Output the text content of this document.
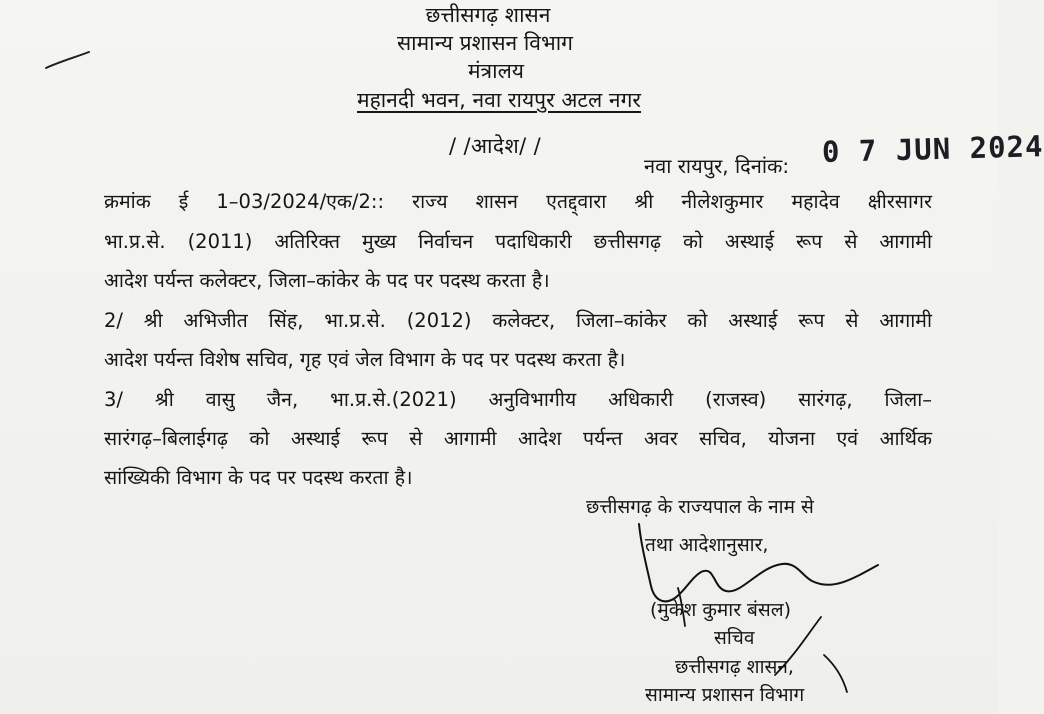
छत्तीसगढ़ शासन
सामान्य प्रशासन विभाग
मंत्रालय
महानदी भवन, नवा रायपुर अटल नगर
/ /आदेश/ /
नवा रायपुर, दिनांक: 0 7 JUN 2024
क्रमांक ई 1–03/2024/एक/2:: राज्य शासन एतद्द्वारा श्री नीलेशकुमार महादेव क्षीरसागर
भा.प्र.से. (2011) अतिरिक्त मुख्य निर्वाचन पदाधिकारी छत्तीसगढ़ को अस्थाई रूप से आगामी
आदेश पर्यन्त कलेक्टर, जिला–कांकेर के पद पर पदस्थ करता है।
2/ श्री अभिजीत सिंह, भा.प्र.से. (2012) कलेक्टर, जिला–कांकेर को अस्थाई रूप से आगामी
आदेश पर्यन्त विशेष सचिव, गृह एवं जेल विभाग के पद पर पदस्थ करता है।
3/ श्री वासु जैन, भा.प्र.से.(2021) अनुविभागीय अधिकारी (राजस्व) सारंगढ़, जिला–
सारंगढ़–बिलाईगढ़ को अस्थाई रूप से आगामी आदेश पर्यन्त अवर सचिव, योजना एवं आर्थिक
सांख्यिकी विभाग के पद पर पदस्थ करता है।
छत्तीसगढ़ के राज्यपाल के नाम से
तथा आदेशानुसार,
(मुकेश कुमार बंसल)
सचिव
छत्तीसगढ़ शासन,
सामान्य प्रशासन विभाग
